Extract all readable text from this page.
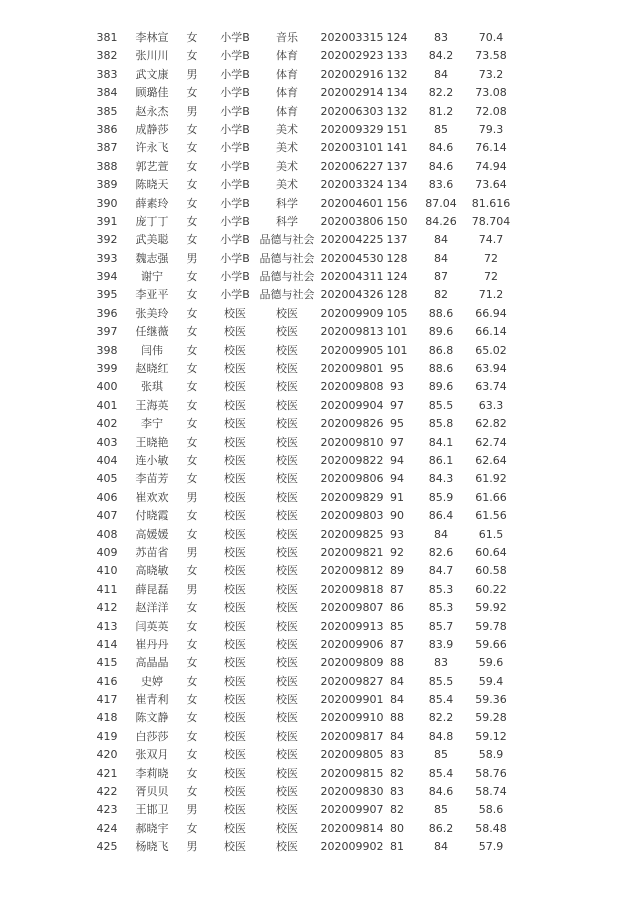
381	李林宣	女	小学B	音乐	202003315 124	83	70.4
382	张川川	女	小学B	体育	202002923 133	84.2	73.58
383	武文康	男	小学B	体育	202002916 132	84	73.2
384	顾璐佳	女	小学B	体育	202002914 134	82.2	73.08
385	赵永杰	男	小学B	体育	202006303 132	81.2	72.08
386	成静莎	女	小学B	美术	202009329 151	85	79.3
387	许永飞	女	小学B	美术	202003101 141	84.6	76.14
388	郭艺萱	女	小学B	美术	202006227 137	84.6	74.94
389	陈晓天	女	小学B	美术	202003324 134	83.6	73.64
390	薛素玲	女	小学B	科学	202004601 156	87.04	81.616
391	庞丁丁	女	小学B	科学	202003806 150	84.26	78.704
392	武美聪	女	小学B 品德与社会 202004225 137	84	74.7
393	魏志强	男	小学B 品德与社会 202004530 128	84	72
394	谢宁	女	小学B 品德与社会 202004311 124	87	72
395	李亚平	女	小学B 品德与社会 202004326 128	82	71.2
396	张美玲	女	校医	校医	202009909 105	88.6	66.94
397	任继薇	女	校医	校医	202009813 101	89.6	66.14
398	闫伟	女	校医	校医	202009905 101	86.8	65.02
399	赵晓红	女	校医	校医	202009801 95	88.6	63.94
400	张琪	女	校医	校医	202009808 93	89.6	63.74
401	王海英	女	校医	校医	202009904 97	85.5	63.3
402	李宁	女	校医	校医	202009826 95	85.8	62.82
403	王晓艳	女	校医	校医	202009810 97	84.1	62.74
404	连小敏	女	校医	校医	202009822 94	86.1	62.64
405	李苗芳	女	校医	校医	202009806 94	84.3	61.92
406	崔欢欢	男	校医	校医	202009829 91	85.9	61.66
407	付晓霞	女	校医	校医	202009803 90	86.4	61.56
408	高媛媛	女	校医	校医	202009825 93	84	61.5
409	苏苗省	男	校医	校医	202009821 92	82.6	60.64
410	高晓敏	女	校医	校医	202009812 89	84.7	60.58
411	薛昆磊	男	校医	校医	202009818 87	85.3	60.22
412	赵洋洋	女	校医	校医	202009807 86	85.3	59.92
413	闫英英	女	校医	校医	202009913 85	85.7	59.78
414	崔丹丹	女	校医	校医	202009906 87	83.9	59.66
415	高晶晶	女	校医	校医	202009809 88	83	59.6
416	史婷	女	校医	校医	202009827 84	85.5	59.4
417	崔青利	女	校医	校医	202009901 84	85.4	59.36
418	陈文静	女	校医	校医	202009910 88	82.2	59.28
419	白莎莎	女	校医	校医	202009817 84	84.8	59.12
420	张双月	女	校医	校医	202009805 83	85	58.9
421	李莉晓	女	校医	校医	202009815 82	85.4	58.76
422	胥贝贝	女	校医	校医	202009830 83	84.6	58.74
423	王邯卫	男	校医	校医	202009907 82	85	58.6
424	郝晓宇	女	校医	校医	202009814 80	86.2	58.48
425	杨晓飞	男	校医	校医	202009902 81	84	57.9
